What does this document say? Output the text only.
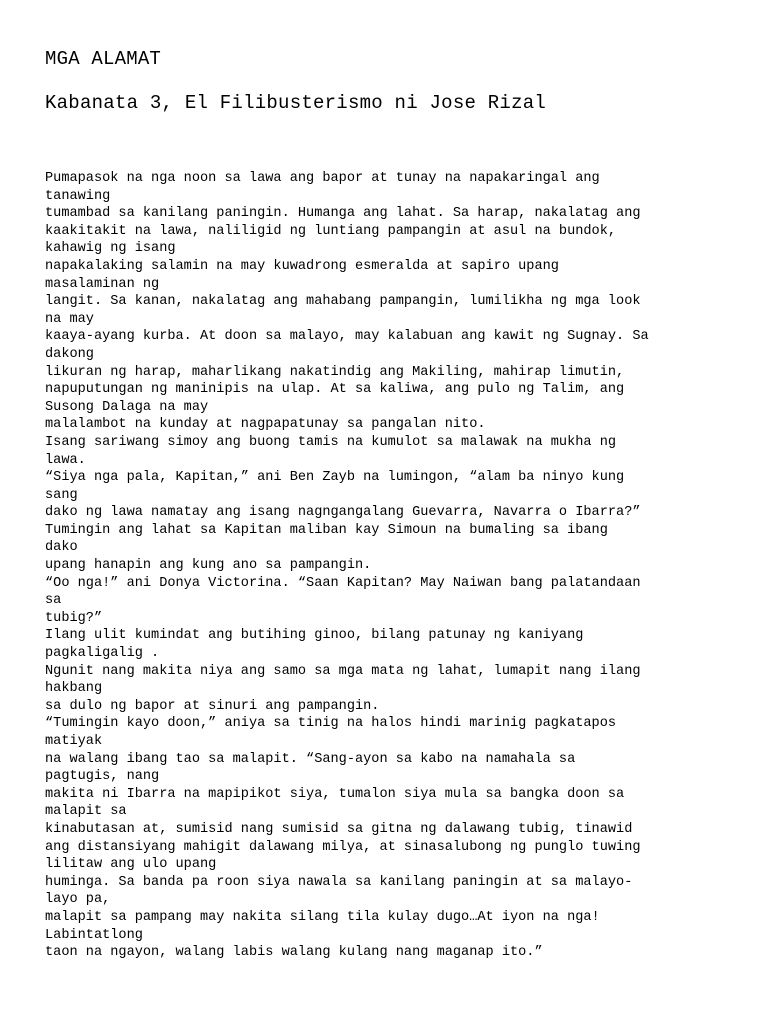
MGA ALAMAT
Kabanata 3, El Filibusterismo ni Jose Rizal
Pumapasok na nga noon sa lawa ang bapor at tunay na napakaringal ang
tanawing
tumambad sa kanilang paningin. Humanga ang lahat. Sa harap, nakalatag ang
kaakitakit na lawa, naliligid ng luntiang pampangin at asul na bundok,
kahawig ng isang
napakalaking salamin na may kuwadrong esmeralda at sapiro upang
masalaminan ng
langit. Sa kanan, nakalatag ang mahabang pampangin, lumilikha ng mga look
na may
kaaya-ayang kurba. At doon sa malayo, may kalabuan ang kawit ng Sugnay. Sa
dakong
likuran ng harap, maharlikang nakatindig ang Makiling, mahirap limutin,
napuputungan ng maninipis na ulap. At sa kaliwa, ang pulo ng Talim, ang
Susong Dalaga na may
malalambot na kunday at nagpapatunay sa pangalan nito.
Isang sariwang simoy ang buong tamis na kumulot sa malawak na mukha ng
lawa.
“Siya nga pala, Kapitan,” ani Ben Zayb na lumingon, “alam ba ninyo kung
sang
dako ng lawa namatay ang isang nagngangalang Guevarra, Navarra o Ibarra?”
Tumingin ang lahat sa Kapitan maliban kay Simoun na bumaling sa ibang
dako
upang hanapin ang kung ano sa pampangin.
“Oo nga!” ani Donya Victorina. “Saan Kapitan? May Naiwan bang palatandaan
sa
tubig?”
Ilang ulit kumindat ang butihing ginoo, bilang patunay ng kaniyang
pagkaligalig .
Ngunit nang makita niya ang samo sa mga mata ng lahat, lumapit nang ilang
hakbang
sa dulo ng bapor at sinuri ang pampangin.
“Tumingin kayo doon,” aniya sa tinig na halos hindi marinig pagkatapos
matiyak
na walang ibang tao sa malapit. “Sang-ayon sa kabo na namahala sa
pagtugis, nang
makita ni Ibarra na mapipikot siya, tumalon siya mula sa bangka doon sa
malapit sa
kinabutasan at, sumisid nang sumisid sa gitna ng dalawang tubig, tinawid
ang distansiyang mahigit dalawang milya, at sinasalubong ng punglo tuwing
lilitaw ang ulo upang
huminga. Sa banda pa roon siya nawala sa kanilang paningin at sa malayo-
layo pa,
malapit sa pampang may nakita silang tila kulay dugo…At iyon na nga!
Labintatlong
taon na ngayon, walang labis walang kulang nang maganap ito.”
